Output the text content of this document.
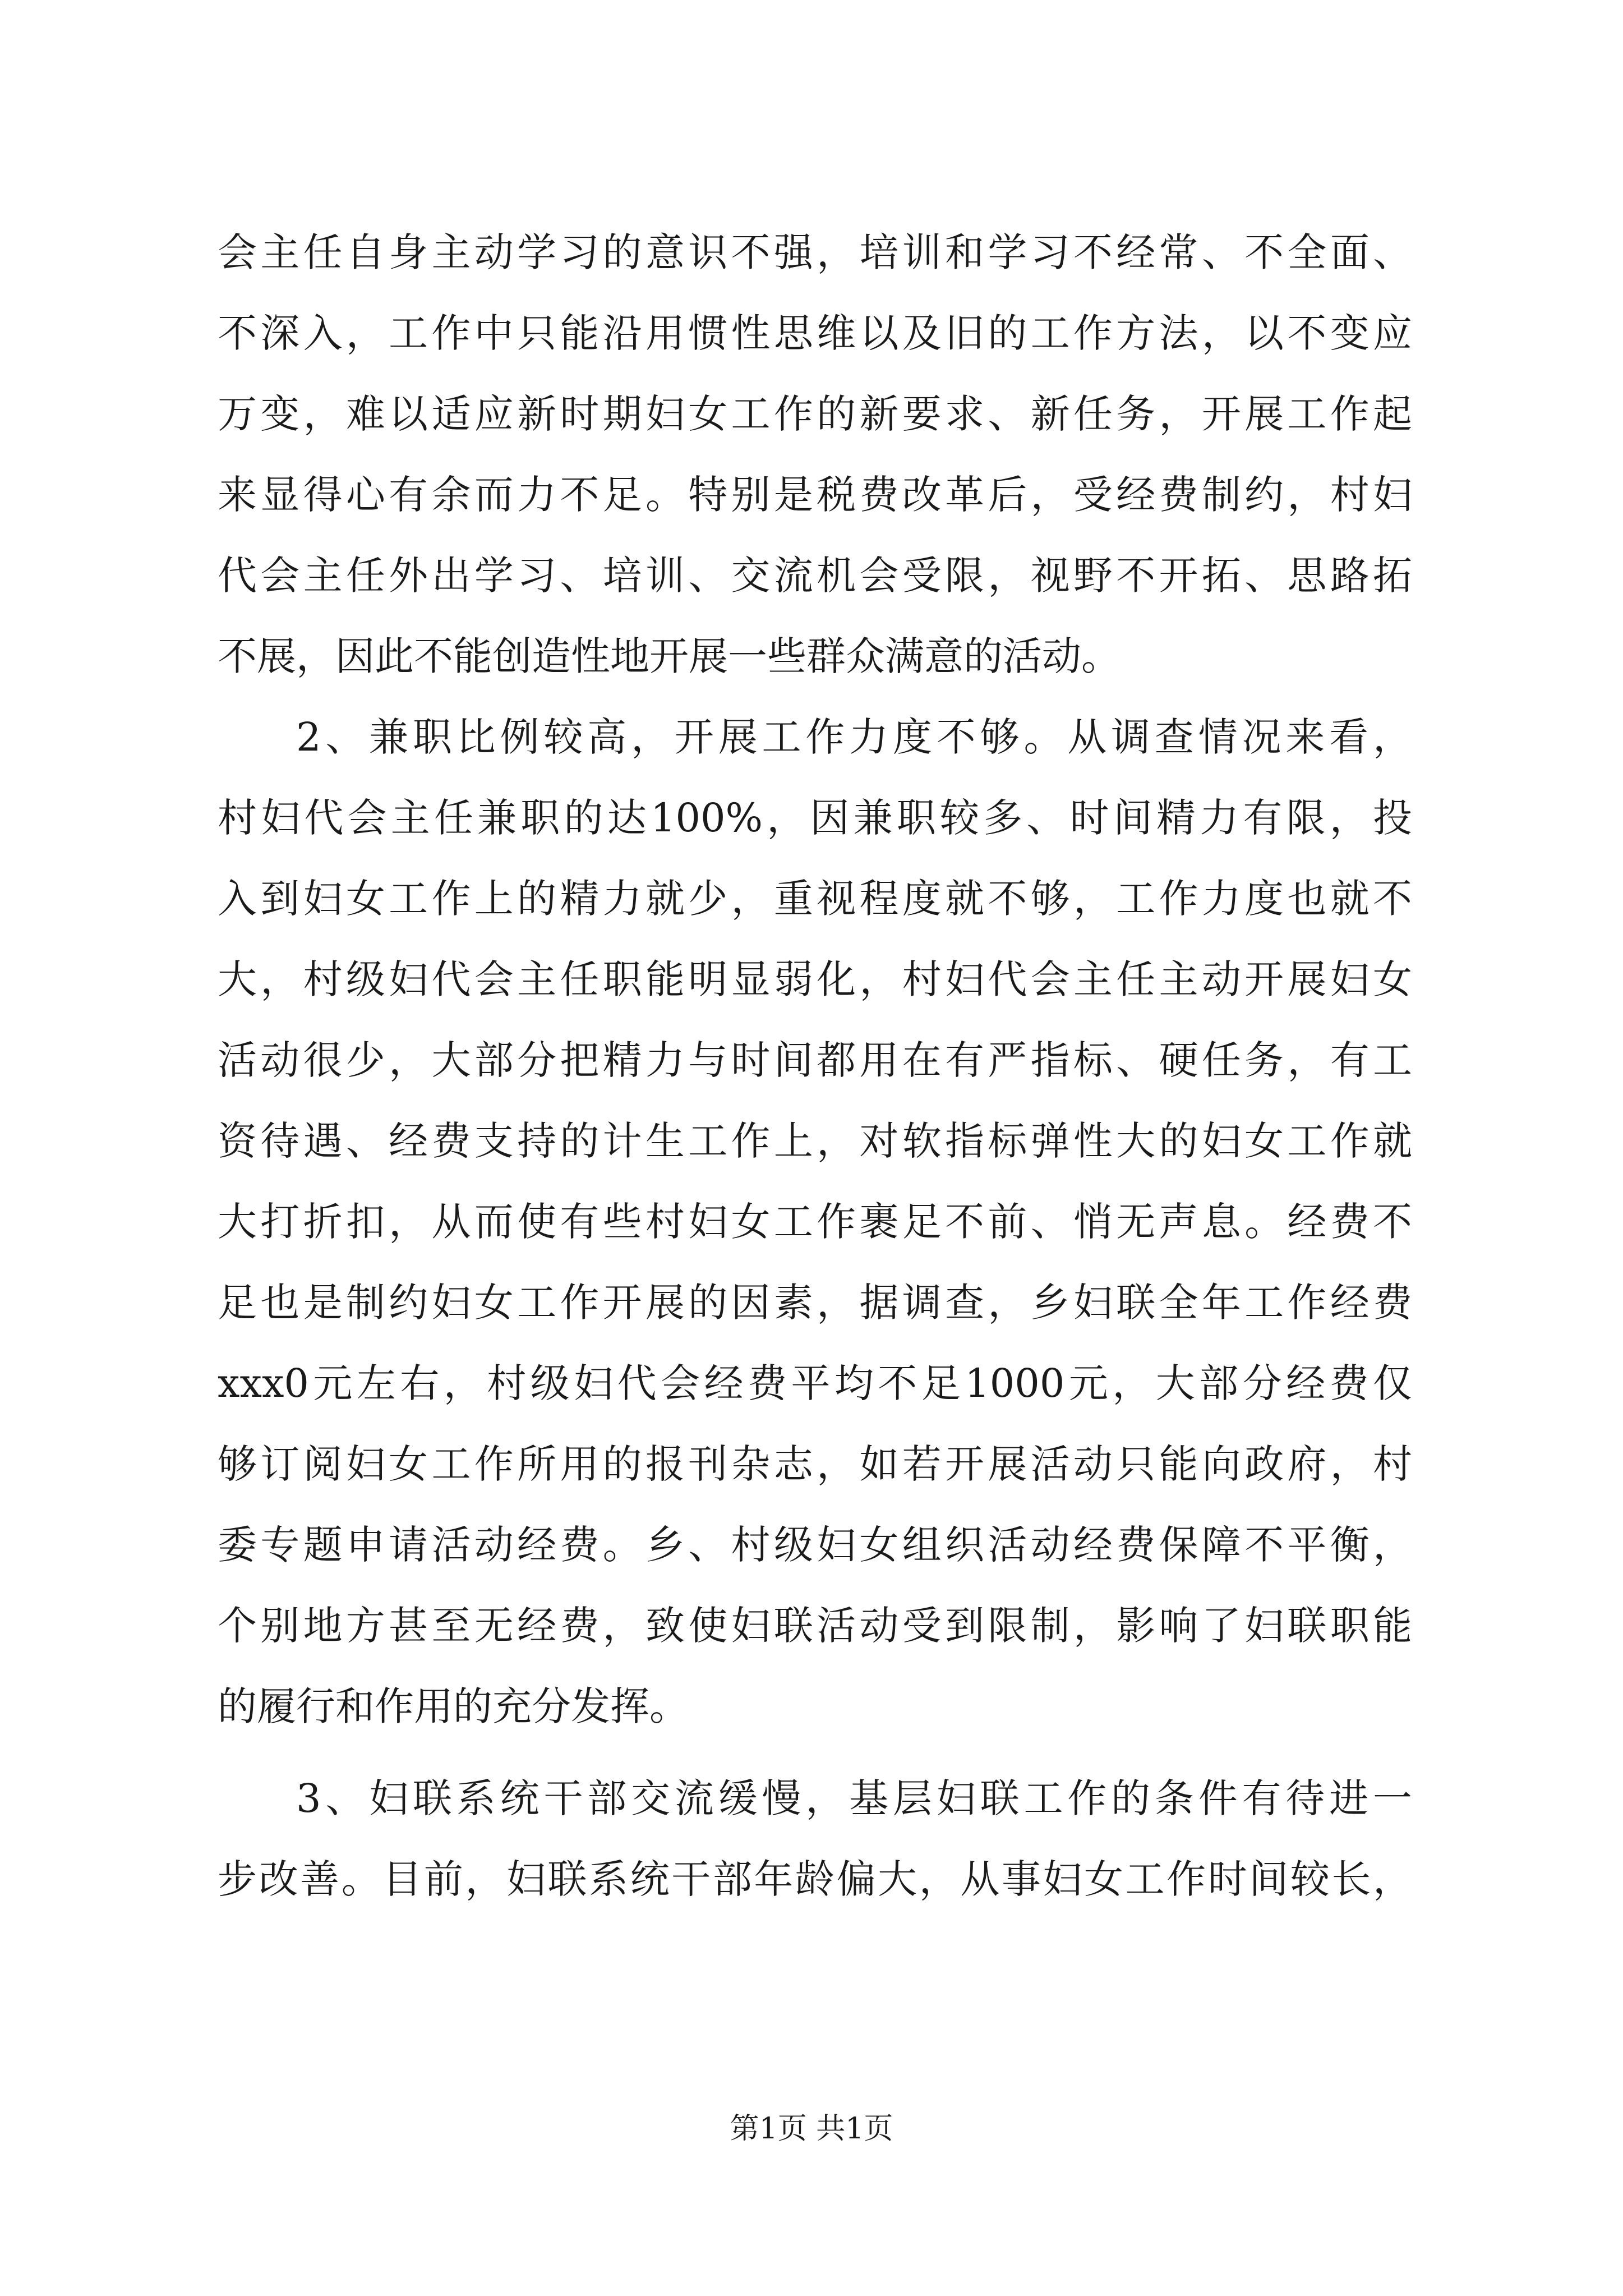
会主任自身主动学习的意识不强，培训和学习不经常、不全面、
不深入，工作中只能沿用惯性思维以及旧的工作方法，以不变应
万变，难以适应新时期妇女工作的新要求、新任务，开展工作起
来显得心有余而力不足。特别是税费改革后，受经费制约，村妇
代会主任外出学习、培训、交流机会受限，视野不开拓、思路拓
不展，因此不能创造性地开展一些群众满意的活动。
2、兼职比例较高，开展工作力度不够。从调查情况来看，
村妇代会主任兼职的达100%，因兼职较多、时间精力有限，投
入到妇女工作上的精力就少，重视程度就不够，工作力度也就不
大，村级妇代会主任职能明显弱化，村妇代会主任主动开展妇女
活动很少，大部分把精力与时间都用在有严指标、硬任务，有工
资待遇、经费支持的计生工作上，对软指标弹性大的妇女工作就
大打折扣，从而使有些村妇女工作裹足不前、悄无声息。经费不
足也是制约妇女工作开展的因素，据调查，乡妇联全年工作经费
xxx0元左右，村级妇代会经费平均不足1000元，大部分经费仅
够订阅妇女工作所用的报刊杂志，如若开展活动只能向政府，村
委专题申请活动经费。乡、村级妇女组织活动经费保障不平衡，
个别地方甚至无经费，致使妇联活动受到限制，影响了妇联职能
的履行和作用的充分发挥。
3、妇联系统干部交流缓慢，基层妇联工作的条件有待进一
步改善。目前，妇联系统干部年龄偏大，从事妇女工作时间较长，
第1页 共1页
